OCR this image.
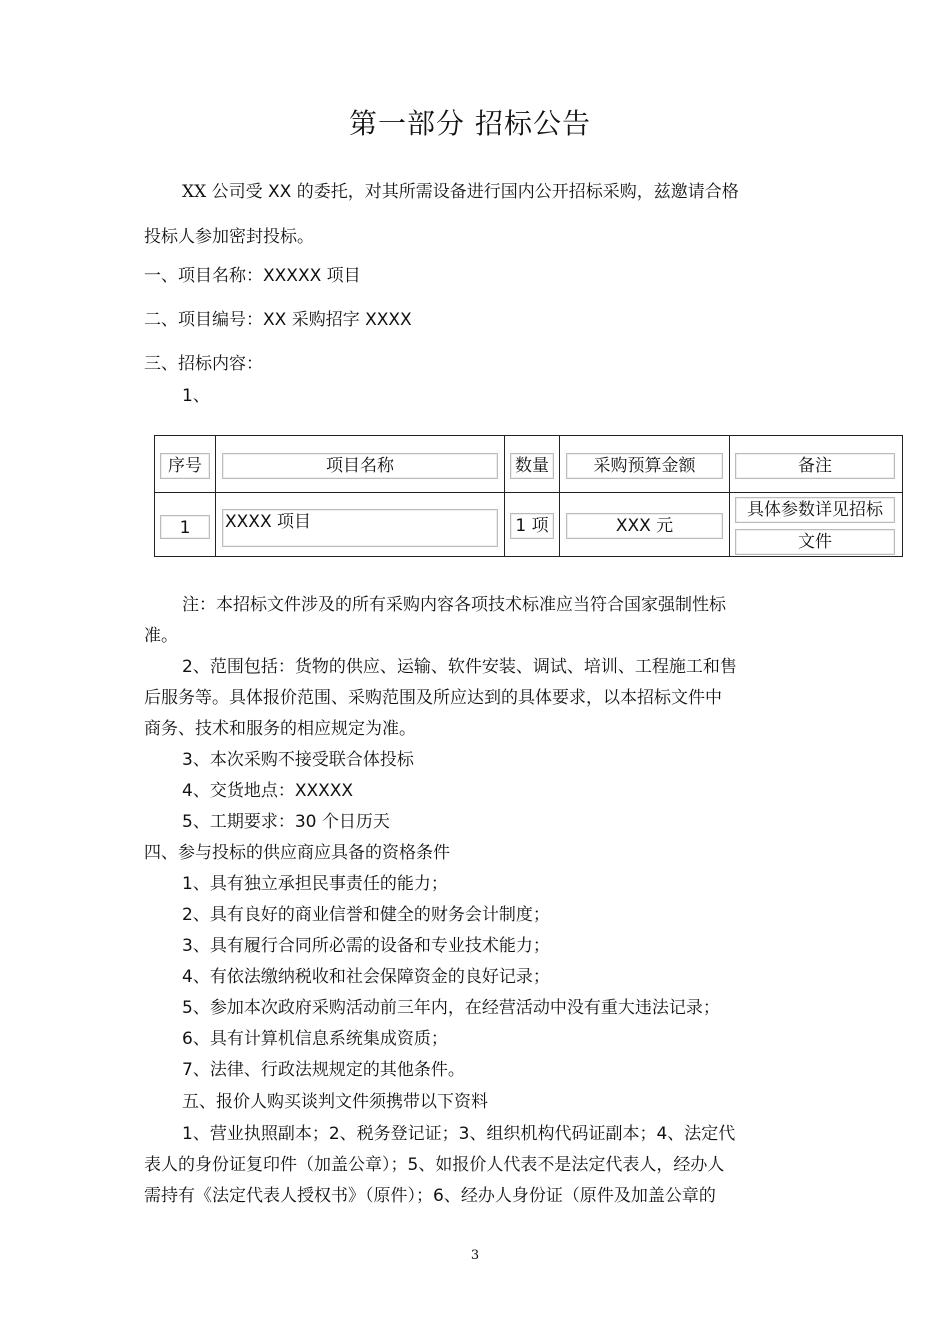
第一部分 招标公告
XX 公司受 XX 的委托，对其所需设备进行国内公开招标采购，兹邀请合格
投标人参加密封投标。
一、项目名称：XXXXX 项目
二、项目编号：XX 采购招字 XXXX
三、招标内容：
1、
序号	项目名称	数量	采购预算金额	备注

1	XXXX 项目	1 项	XXX 元	具体参数详见招标
文件
注：本招标文件涉及的所有采购内容各项技术标准应当符合国家强制性标
准。
2、范围包括：货物的供应、运输、软件安装、调试、培训、工程施工和售
后服务等。具体报价范围、采购范围及所应达到的具体要求，以本招标文件中
商务、技术和服务的相应规定为准。
3、本次采购不接受联合体投标
4、交货地点：XXXXX
5、工期要求：30 个日历天
四、参与投标的供应商应具备的资格条件
1、具有独立承担民事责任的能力；
2、具有良好的商业信誉和健全的财务会计制度；
3、具有履行合同所必需的设备和专业技术能力；
4、有依法缴纳税收和社会保障资金的良好记录；
5、参加本次政府采购活动前三年内，在经营活动中没有重大违法记录；
6、具有计算机信息系统集成资质；
7、法律、行政法规规定的其他条件。
五、报价人购买谈判文件须携带以下资料
1、营业执照副本；2、税务登记证；3、组织机构代码证副本；4、法定代
表人的身份证复印件（加盖公章）；5、如报价人代表不是法定代表人，经办人
需持有《法定代表人授权书》（原件）；6、经办人身份证（原件及加盖公章的
3
